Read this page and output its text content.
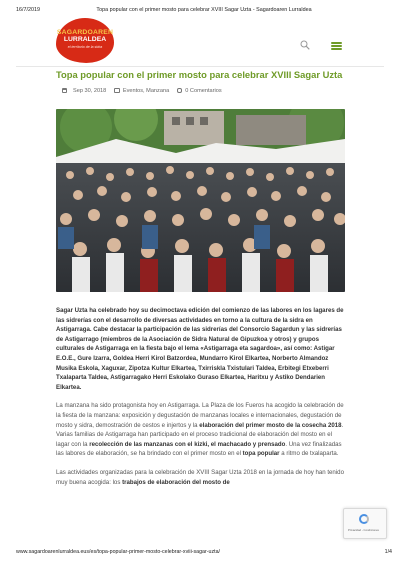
16/7/2019	Topa popular con el primer mosto para celebrar XVIII Sagar Uzta - Sagardoaren Lurraldea
SAGARDOAREN
LURRALDEA
el territorio de la sidra
Topa popular con el primer mosto para celebrar XVIII Sagar Uzta
Sep 30, 2018	Eventos, Manzana	0 Comentarios

Sagar Uzta ha celebrado hoy su decimoctava edición del comienzo de las labores en los lagares de las sidrerías con el desarrollo de diversas actividades en torno a la cultura de la sidra en Astigarraga. Cabe destacar la participación de las sidrerías del Consorcio Sagardun y las sidrerías de Astigarrago (miembros de la Asociación de Sidra Natural de Gipuzkoa y otros) y grupos culturales de Astigarraga en la fiesta bajo el lema «Astigarraga eta sagardoa», así como: Astigar E.O.E., Gure Izarra, Goldea Herri Kirol Batzordea, Mundarro Kirol Elkartea, Norberto Almandoz Musika Eskola, Xaguxar, Zipotza Kultur Elkartea, Txirriskla Txistulari Taldea, Erbitegi Etxeberri Txalaparta Taldea, Astigarragako Herri Eskolako Guraso Elkartea, Haritxu y Astiko Dendarien Elkartea.

La manzana ha sido protagonista hoy en Astigarraga. La Plaza de los Fueros ha acogido la celebración de la fiesta de la manzana: exposición y degustación de manzanas locales e internacionales, degustación de mosto y sidra, demostración de cestos e injertos y la elaboración del primer mosto de la cosecha 2018. Varias familias de Astigarraga han participado en el proceso tradicional de elaboración del mosto en el lagar con la recolección de las manzanas con el kizki, el machacado y prensado. Una vez finalizadas las labores de elaboración, se ha brindado con el primer mosto en el topa popular a ritmo de txalaparta.

Las actividades organizadas para la celebración de XVIII Sagar Uzta 2018 en la jornada de hoy han tenido muy buena acogida: los trabajos de elaboración del mosto de

Privacidad - Condiciones
www.sagardoarenlurraldea.eus/es/topa-popular-primer-mosto-celebrar-xviii-sagar-uzta/	1/4
